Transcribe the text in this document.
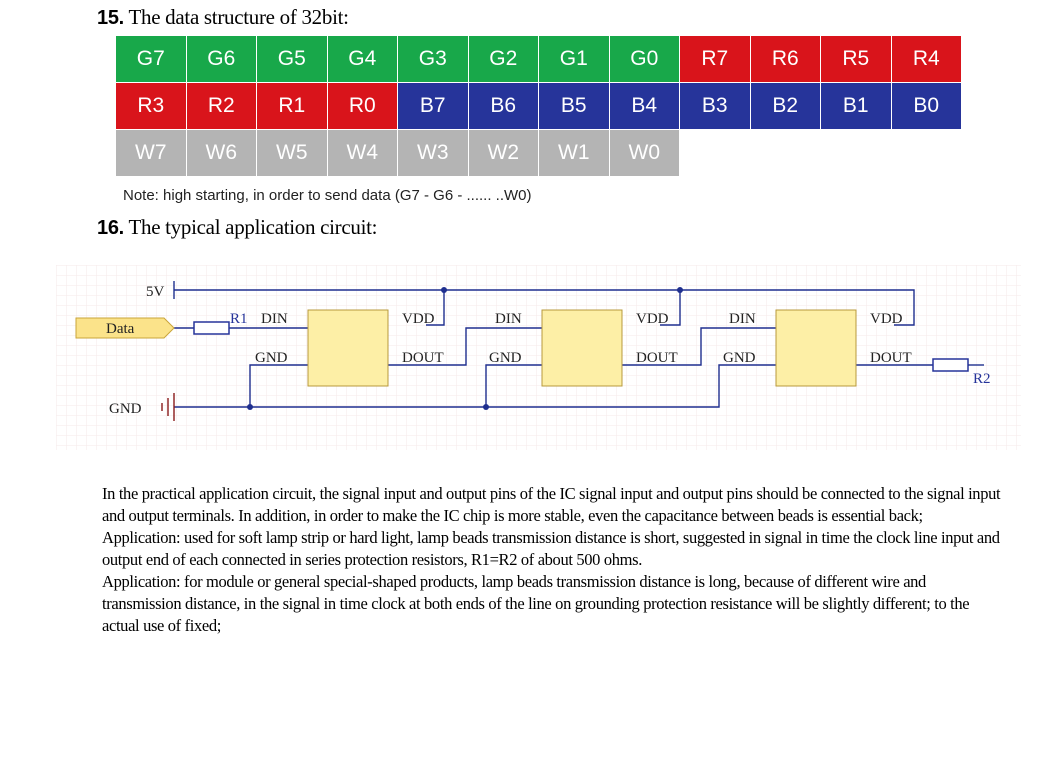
15. The data structure of 32bit:
G7	G6	G5	G4	G3	G2	G1	G0	R7	R6	R5	R4
R3	R2	R1	R0	B7	B6	B5	B4	B3	B2	B1	B0
W7	W6	W5	W4	W3	W2	W1	W0
Note: high starting, in order to send data (G7 - G6 - ...... ..W0)
16. The typical application circuit:
5V
GND
Data
R1
R2
DIN	VDD
GND	DOUT
DIN	VDD
GND	DOUT
DIN	VDD
GND	DOUT

In the practical application circuit, the signal input and output pins of the IC signal input and output pins should be connected to the signal input and output terminals. In addition, in order to make the IC chip is more stable, even the capacitance between beads is essential back;

Application: used for soft lamp strip or hard light, lamp beads transmission distance is short, suggested in signal in time the clock line input and output end of each connected in series protection resistors, R1=R2 of about 500 ohms.

Application: for module or general special-shaped products, lamp beads transmission distance is long, because of different wire and transmission distance, in the signal in time clock at both ends of the line on grounding protection resistance will be slightly different; to the actual use of fixed;
